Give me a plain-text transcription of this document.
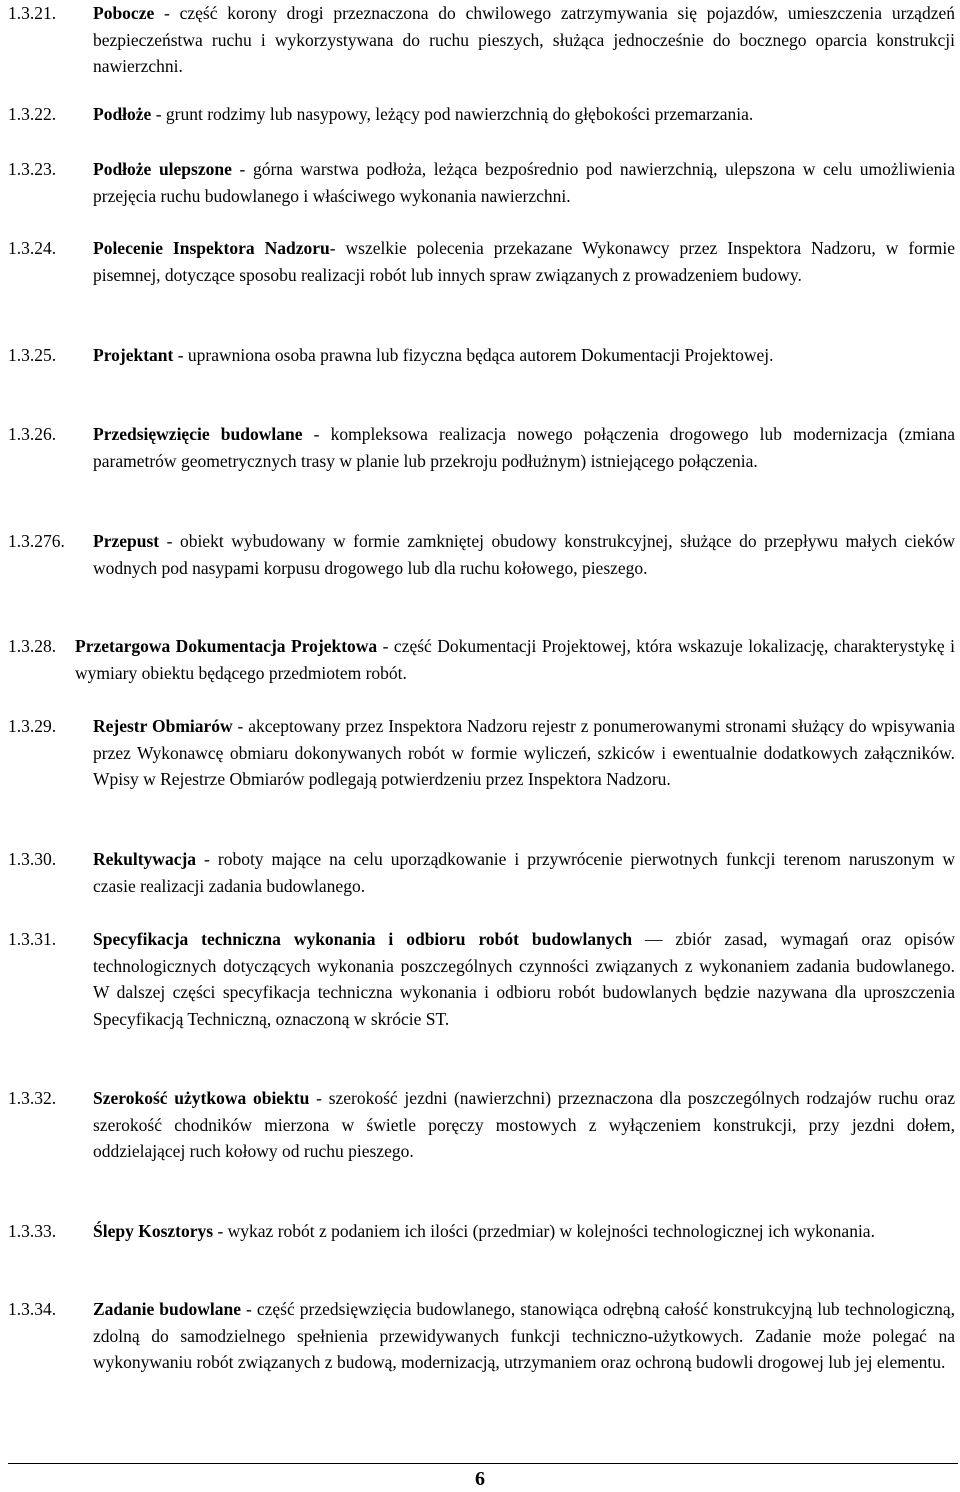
1.3.21.	Pobocze - część korony drogi przeznaczona do chwilowego zatrzymywania się pojazdów, umieszczenia urządzeń bezpieczeństwa ruchu i wykorzystywana do ruchu pieszych, służąca jednocześnie do bocznego oparcia konstrukcji nawierzchni.
1.3.22.	Podłoże - grunt rodzimy lub nasypowy, leżący pod nawierzchnią do głębokości przemarzania.
1.3.23.	Podłoże ulepszone - górna warstwa podłoża, leżąca bezpośrednio pod nawierzchnią, ulepszona w celu umożliwienia przejęcia ruchu budowlanego i właściwego wykonania nawierzchni.
1.3.24.	Polecenie Inspektora Nadzoru- wszelkie polecenia przekazane Wykonawcy przez Inspektora Nadzoru, w formie pisemnej, dotyczące sposobu realizacji robót lub innych spraw związanych z prowadzeniem budowy.
1.3.25.	Projektant - uprawniona osoba prawna lub fizyczna będąca autorem Dokumentacji Projektowej.
1.3.26.	Przedsięwzięcie budowlane - kompleksowa realizacja nowego połączenia drogowego lub modernizacja (zmiana parametrów geometrycznych trasy w planie lub przekroju podłużnym) istniejącego połączenia.
1.3.276.	Przepust - obiekt wybudowany w formie zamkniętej obudowy konstrukcyjnej, służące do przepływu małych cieków wodnych pod nasypami korpusu drogowego lub dla ruchu kołowego, pieszego.
1.3.28.	Przetargowa Dokumentacja Projektowa - część Dokumentacji Projektowej, która wskazuje lokalizację, charakterystykę i wymiary obiektu będącego przedmiotem robót.
1.3.29.	Rejestr Obmiarów - akceptowany przez Inspektora Nadzoru rejestr z ponumerowanymi stronami służący do wpisywania przez Wykonawcę obmiaru dokonywanych robót w formie wyliczeń, szkiców i ewentualnie dodatkowych załączników. Wpisy w Rejestrze Obmiarów podlegają potwierdzeniu przez Inspektora Nadzoru.
1.3.30.	Rekultywacja - roboty mające na celu uporządkowanie i przywrócenie pierwotnych funkcji terenom naruszonym w czasie realizacji zadania budowlanego.
1.3.31.	Specyfikacja techniczna wykonania i odbioru robót budowlanych — zbiór zasad, wymagań oraz opisów technologicznych dotyczących wykonania poszczególnych czynności związanych z wykonaniem zadania budowlanego. W dalszej części specyfikacja techniczna wykonania i odbioru robót budowlanych będzie nazywana dla uproszczenia Specyfikacją Techniczną, oznaczoną w skrócie ST.
1.3.32.	Szerokość użytkowa obiektu - szerokość jezdni (nawierzchni) przeznaczona dla poszczególnych rodzajów ruchu oraz szerokość chodników mierzona w świetle poręczy mostowych z wyłączeniem konstrukcji, przy jezdni dołem, oddzielającej ruch kołowy od ruchu pieszego.
1.3.33.	Ślepy Kosztorys - wykaz robót z podaniem ich ilości (przedmiar) w kolejności technologicznej ich wykonania.
1.3.34.	Zadanie budowlane - część przedsięwzięcia budowlanego, stanowiąca odrębną całość konstrukcyjną lub technologiczną, zdolną do samodzielnego spełnienia przewidywanych funkcji techniczno-użytkowych. Zadanie może polegać na wykonywaniu robót związanych z budową, modernizacją, utrzymaniem oraz ochroną budowli drogowej lub jej elementu.
6
